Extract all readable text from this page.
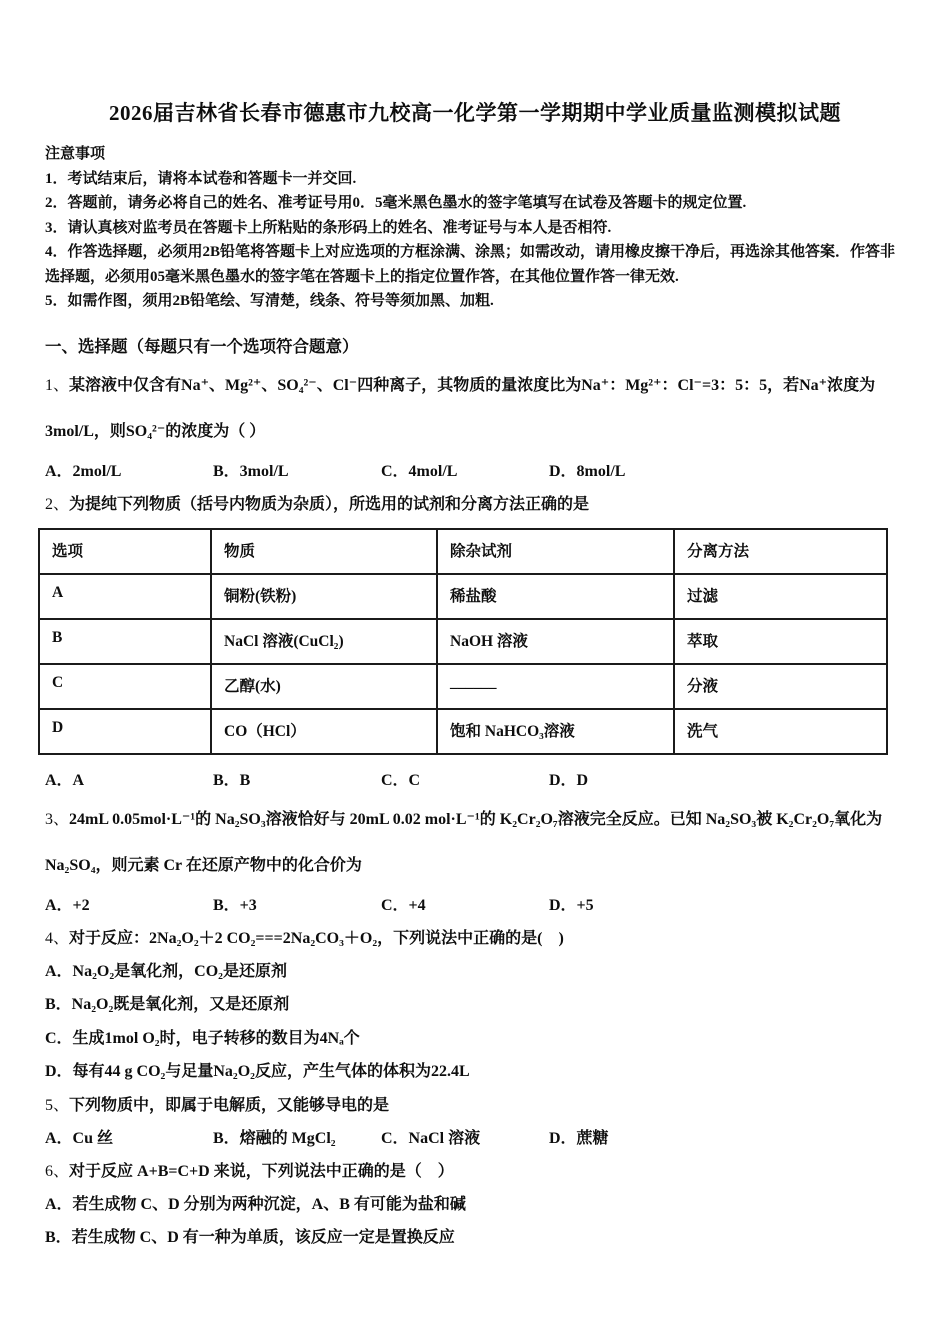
2026届吉林省长春市德惠市九校高一化学第一学期期中学业质量监测模拟试题

注意事项

1．考试结束后，请将本试卷和答题卡一并交回.

2．答题前，请务必将自己的姓名、准考证号用0．5毫米黑色墨水的签字笔填写在试卷及答题卡的规定位置.

3．请认真核对监考员在答题卡上所粘贴的条形码上的姓名、准考证号与本人是否相符.

4．作答选择题，必须用2B铅笔将答题卡上对应选项的方框涂满、涂黑；如需改动，请用橡皮擦干净后，再选涂其他答案．作答非选择题，必须用05毫米黑色墨水的签字笔在答题卡上的指定位置作答，在其他位置作答一律无效.

5．如需作图，须用2B铅笔绘、写清楚，线条、符号等须加黑、加粗.

一、选择题（每题只有一个选项符合题意）

1、某溶液中仅含有Na⁺、Mg²⁺、SO₄²⁻、Cl⁻四种离子，其物质的量浓度比为Na⁺：Mg²⁺：Cl⁻=3：5：5，若Na⁺浓度为3mol/L，则SO₄²⁻的浓度为（ ）

A．2mol/L	B．3mol/L	C．4mol/L	D．8mol/L

2、为提纯下列物质（括号内物质为杂质），所选用的试剂和分离方法正确的是

选项	物质	除杂试剂	分离方法
A	铜粉(铁粉)	稀盐酸	过滤
B	NaCl 溶液(CuCl₂)	NaOH 溶液	萃取
C	乙醇(水)	______	分液
D	CO（HCl）	饱和 NaHCO₃溶液	洗气
A．A	B．B	C．C	D．D

3、24mL 0.05mol·L⁻¹的 Na₂SO₃溶液恰好与 20mL 0.02 mol·L⁻¹的 K₂Cr₂O₇溶液完全反应。已知 Na₂SO₃被 K₂Cr₂O₇氧化为 Na₂SO₄，则元素 Cr 在还原产物中的化合价为

A．+2	B．+3	C．+4	D．+5

4、对于反应：2Na₂O₂＋2 CO₂===2Na₂CO₃＋O₂，下列说法中正确的是(　)

A．Na₂O₂是氧化剂，CO₂是还原剂

B．Na₂O₂既是氧化剂，又是还原剂

C．生成1mol O₂时，电子转移的数目为4Nₐ个

D．每有44 g CO₂与足量Na₂O₂反应，产生气体的体积为22.4L

5、下列物质中，即属于电解质，又能够导电的是

A．Cu 丝	B．熔融的 MgCl₂	C．NaCl 溶液	D．蔗糖

6、对于反应 A+B=C+D 来说，下列说法中正确的是（　）

A．若生成物 C、D 分别为两种沉淀，A、B 有可能为盐和碱

B．若生成物 C、D 有一种为单质，该反应一定是置换反应
